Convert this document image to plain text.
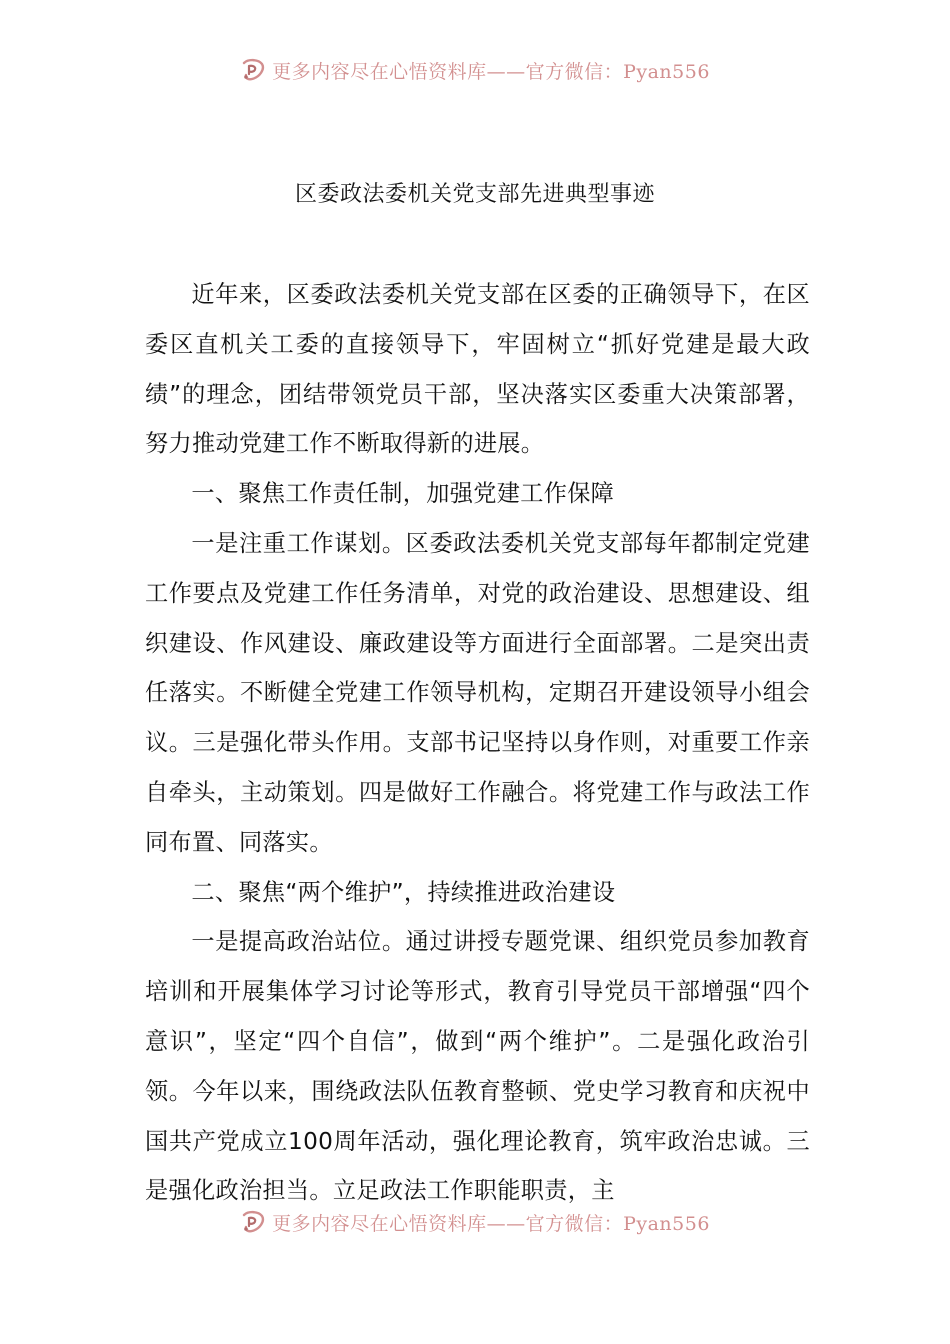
更多内容尽在心悟资料库——官方微信：Pyan556
区委政法委机关党支部先进典型事迹

近年来，区委政法委机关党支部在区委的正确领导下，在区委区直机关工委的直接领导下，牢固树立“抓好党建是最大政绩”的理念，团结带领党员干部，坚决落实区委重大决策部署，努力推动党建工作不断取得新的进展。

一、聚焦工作责任制，加强党建工作保障

一是注重工作谋划。区委政法委机关党支部每年都制定党建工作要点及党建工作任务清单，对党的政治建设、思想建设、组织建设、作风建设、廉政建设等方面进行全面部署。二是突出责任落实。不断健全党建工作领导机构，定期召开建设领导小组会议。三是强化带头作用。支部书记坚持以身作则，对重要工作亲自牵头，主动策划。四是做好工作融合。将党建工作与政法工作同布置、同落实。

二、聚焦“两个维护”，持续推进政治建设

一是提高政治站位。通过讲授专题党课、组织党员参加教育培训和开展集体学习讨论等形式，教育引导党员干部增强“四个意识”，坚定“四个自信”，做到“两个维护”。二是强化政治引领。今年以来，围绕政法队伍教育整顿、党史学习教育和庆祝中国共产党成立100周年活动，强化理论教育，筑牢政治忠诚。三是强化政治担当。立足政法工作职能职责，主

更多内容尽在心悟资料库——官方微信：Pyan556
